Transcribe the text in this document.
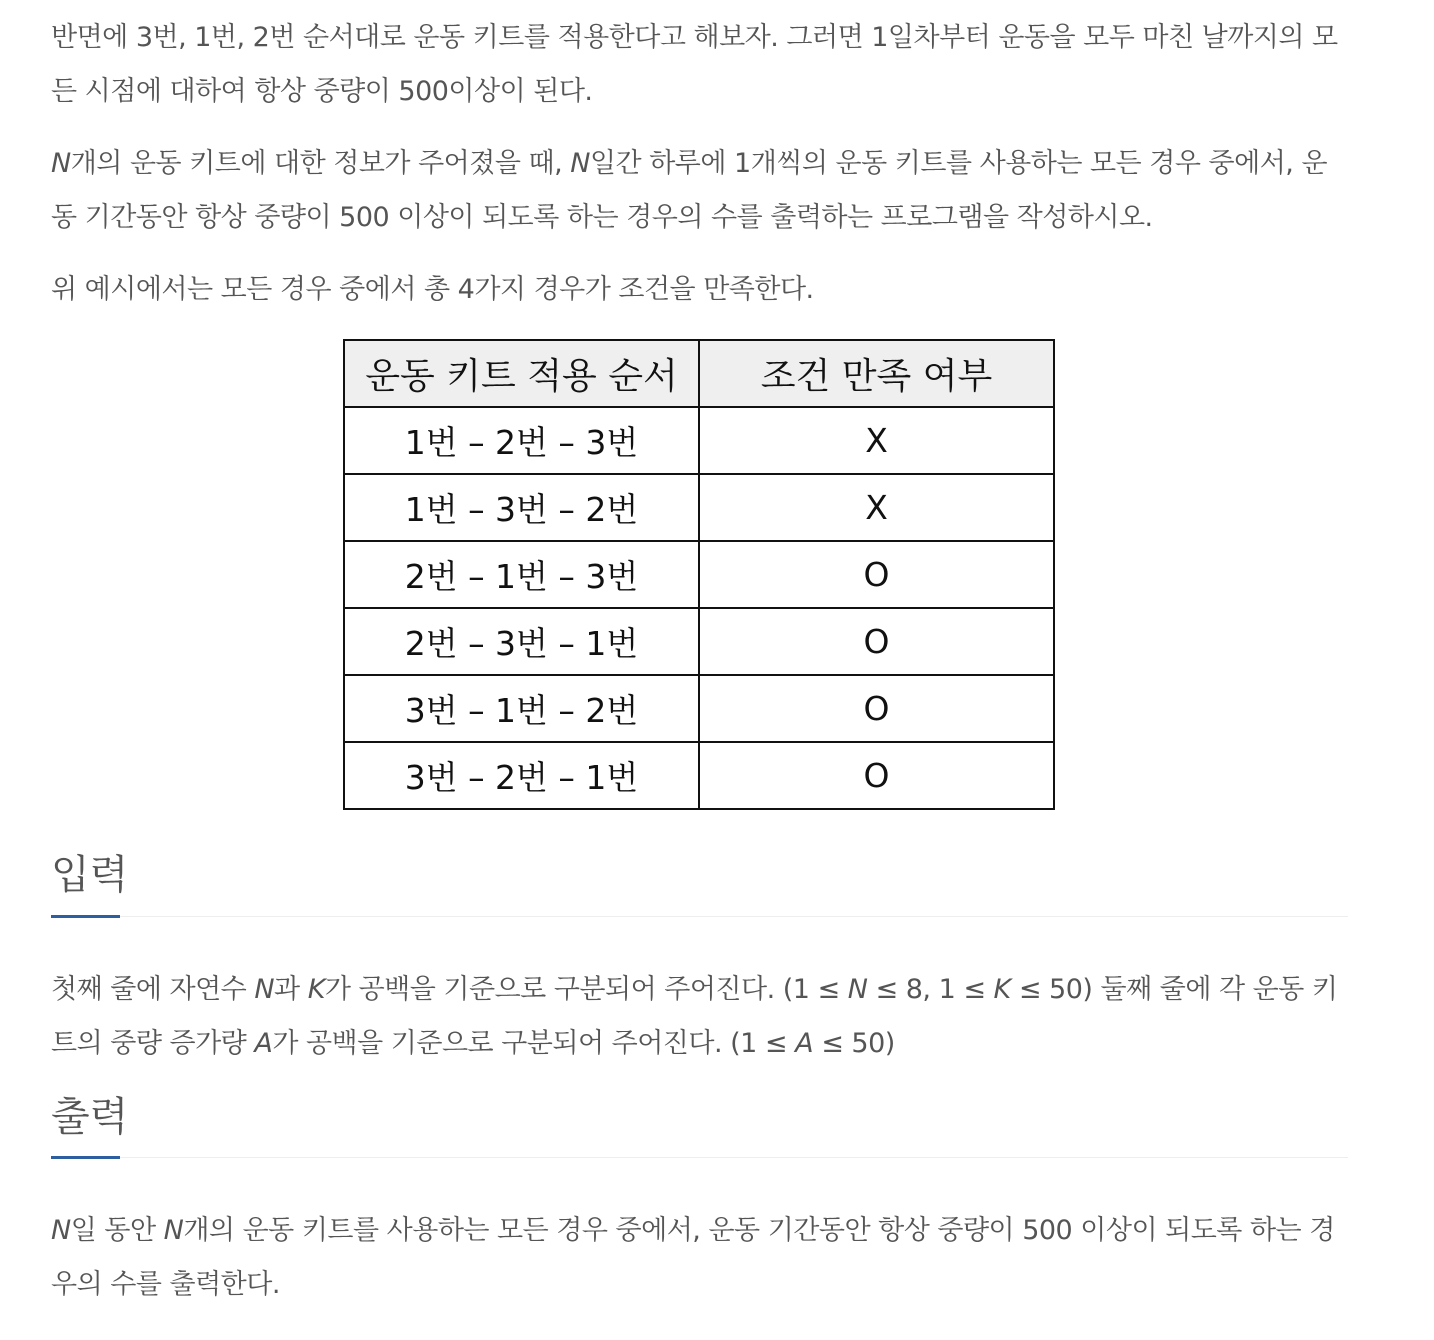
반면에 3번, 1번, 2번 순서대로 운동 키트를 적용한다고 해보자. 그러면 1일차부터 운동을 모두 마친 날까지의 모든 시점에 대하여 항상 중량이 500이상이 된다.

N개의 운동 키트에 대한 정보가 주어졌을 때, N일간 하루에 1개씩의 운동 키트를 사용하는 모든 경우 중에서, 운동 기간동안 항상 중량이 500 이상이 되도록 하는 경우의 수를 출력하는 프로그램을 작성하시오.

위 예시에서는 모든 경우 중에서 총 4가지 경우가 조건을 만족한다.

운동 키트 적용 순서	조건 만족 여부
1번 – 2번 – 3번	X
1번 – 3번 – 2번	X
2번 – 1번 – 3번	O
2번 – 3번 – 1번	O
3번 – 1번 – 2번	O
3번 – 2번 – 1번	O
입력

첫째 줄에 자연수 N과 K가 공백을 기준으로 구분되어 주어진다. (1 ≤ N ≤ 8, 1 ≤ K ≤ 50) 둘째 줄에 각 운동 키트의 중량 증가량 A가 공백을 기준으로 구분되어 주어진다. (1 ≤ A ≤ 50)

출력

N일 동안 N개의 운동 키트를 사용하는 모든 경우 중에서, 운동 기간동안 항상 중량이 500 이상이 되도록 하는 경우의 수를 출력한다.
